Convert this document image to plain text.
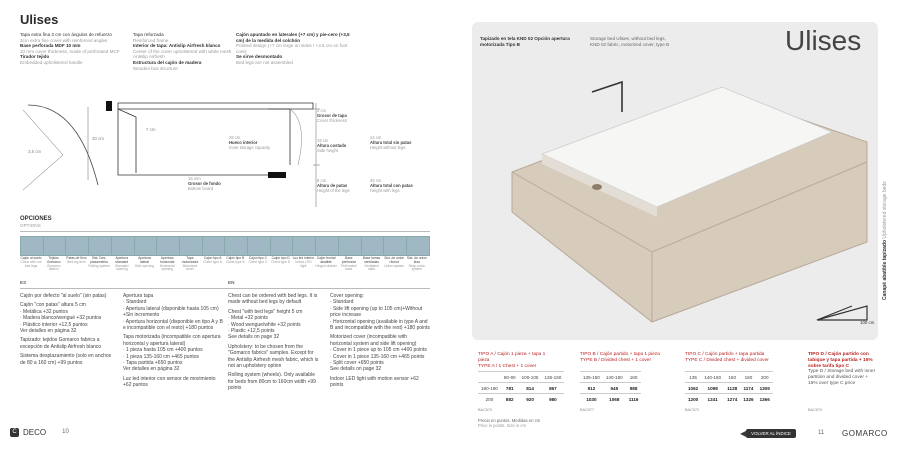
Ulises
Tapa extra fina 3 cm con ángulos de refuerzo
3cm extra fine cover with reinforced angles
Base perforada MDF 10 mm
10 mm cover thickness, made of perforated MCF
Tirador tejido
Embedded upholstered handle
Tapa reforzada
Reinforced frame
Interior de tapa: Antislip Airfresh blanco
Center of the cover upholstered with white mesh Antislip Airfresh
Estructura del cajón de madera
Wooden box structure
Cajón apuntado en laterales (+7 cm) y pie-cero (+3,5 cm) de la medida del colchón
Pointed design (+7 cm large on sides / +3.5 cm on foot core)
Se sirve desmontado
Bed legs are not assembled
30 cm
3,5 cm
7 cm
2 cm
Grosor de tapa
Cover thickness
28 cm
Hueco interior
Inner storage capacity
19 cm
Altura costado
Side height
24 cm
Altura total sin patas
Height without legs
16 mm
Grosor de fondo
Bottom board
8 cm
Altura de patas
Height of the legs
36 cm
Altura total con patas
Height with legs
OPCIONES
OPTIONS
Cajón al suelo
Chest with-out bed legs
Tejidos Gomarco
Gomarco fabrics
Patas de 5cm
Bed leg 5cm
Sist. Des-plazamiento
Rolling system
Apertura standard
Standard opening
Apertura lateral
Side opening
Apertura horizontal
Horizontal opening
Tapa motorizada
Motorized cover
Cajón tipo A
Chest type A
Cajón tipo B
Chest type B
Cajón tipo C
Chest type C
Cajón tipo D
Chest type D
Luz led interior
Indoor LED light
Cajón frontal abatible
Hinged drawer
Base perforada
Perforated base
Base lamas ventiladas
Ventilated slats
Sist. de union rítmod
Union system
Sist. de union tiras
Strap union system
ES	EN
Cajón por defecto "al suelo" (sin patas)
Cajón "con patas" altura 5 cm
· Metálica +32 puntos
· Madera blanco/wengué +32 puntos
· Plástico interior +12,5 puntos
Ver detalles en página 32
Tapizado: tejidos Gomarco fabrics a excepción de Antislip Airfresh blanco
Sistema desplazamiento (solo en anchos de 80 a 160 cm) +99 puntos
Apertura tapa
· Standard
· Apertura lateral (disponible hasta 105 cm) +Sin incremento
· Apertura horizontal (disponible en tipo A y B e incompatible con el resto) +180 puntos
Tapa motorizada (incompatible con apertura horizontal y apertura lateral)
· 1 pieza hasta 105 cm +400 puntos
· 1 pieza 135-160 cm +465 puntos
· Tapa partida +650 puntos
Ver detalles en página 32
Luz led interior con sensor de movimiento +62 puntos
Chest can be ordered with bed legs. It is made without bed legs by default
Chest "with bed legs" height 5 cm
· Metal +32 points
· Wood wengue/white +32 points
· Plastic +12,5 points
See details on page 32
Upholstery: to be chosen from the "Gomarco fabrics" samples. Except for the Antislip Airfresh mesh fabric, which is not an upholstery option
Rolling system (wheels). Only available for beds from 80cm to 160cm width +99 points
Cover opening:
· Standard
· Side lift opening (up to 105 cm)+Without price increase
· Horizontal opening (available in type A and B and incompatible with the rest) +180 points
Motorized cover (incompatible with horizontal system and side lift opening)
· Cover in 1 piece up to 105 cm +400 points
· Cover in 1 piece 135-160 cm +465 points
· Split cover +650 points
See details on page 32
Indoor LED light with motion sensor +62 points
C DECO	10
Ulises
Tapizado en tela KND 02 Opción apertura motorizada Tipo B
Storage bed Ulises, without bed legs, KND 02 fabric, motorized cover, type B
100 cm
Canapé abatible tapizado Upholstered storage beds
TIPO A / Cajón 1 pieza + tapa 1 pieza
TYPE A / 1 Chest + 1 cover
	80-90	100-105	135-150
180-190	781	814	867
200	882	920	980
BAC570
TIPO B / Cajón partido + tapa 1 pieza
TYPE B / Divided chest + 1 cover
135-150	140-150	160
912	945	988
1030	1068	1116
BAC577
TIPO C / Cajón partido + tapa partida
TYPE C / Divided chest + divided cover
135	140-150	160	180	200
1062	1098	1128	1174	1309
1200	1241	1274	1326	1366
BAC572
TIPO D / Cajón partido con tabique y tapa partida + 15% sobre tarifa tipo C
Type D / Storage bed with inner partition and divided cover + 15% over type C price
BAC570
Precio en puntos. Medidas en cm
Price in points. Size in cm
◀	VOLVER AL ÍNDICE	11 GOMARCO
